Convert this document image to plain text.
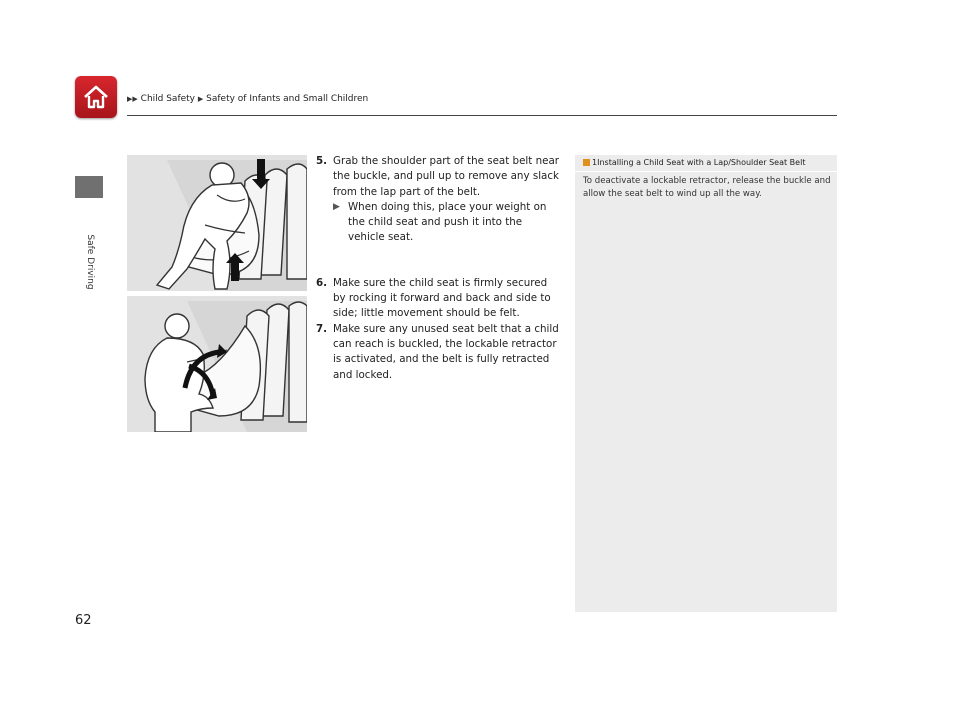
▶▶ Child Safety ▶ Safety of Infants and Small Children
Safe Driving
5. Grab the shoulder part of the seat belt near the buckle, and pull up to remove any slack from the lap part of the belt.
▶ When doing this, place your weight on the child seat and push it into the vehicle seat.
6. Make sure the child seat is firmly secured by rocking it forward and back and side to side; little movement should be felt.
7. Make sure any unused seat belt that a child can reach is buckled, the lockable retractor is activated, and the belt is fully retracted and locked.
1Installing a Child Seat with a Lap/Shoulder Seat Belt
To deactivate a lockable retractor, release the buckle and allow the seat belt to wind up all the way.
62
